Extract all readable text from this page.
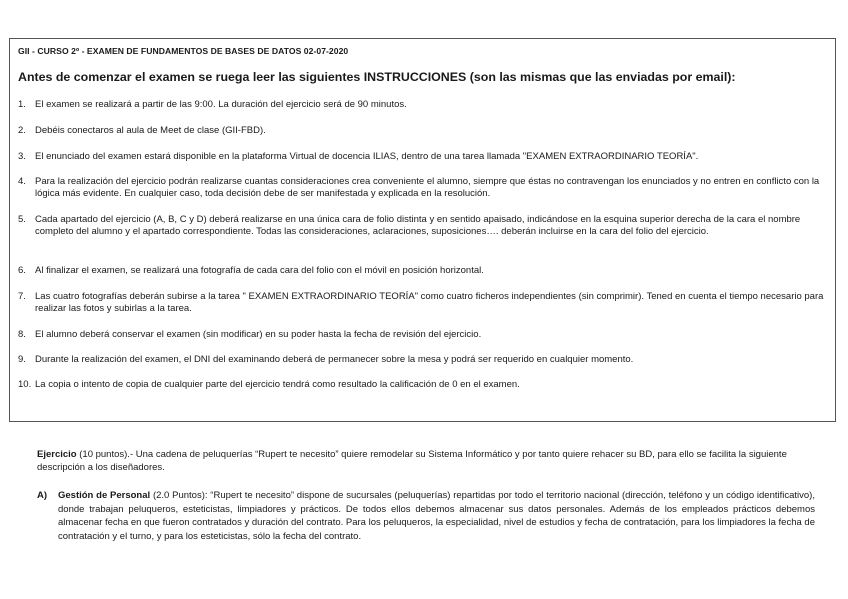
GII - CURSO 2º - EXAMEN DE FUNDAMENTOS DE BASES DE DATOS 02-07-2020
Antes de comenzar el examen se ruega leer las siguientes INSTRUCCIONES (son las mismas que las enviadas por email):
1. El examen se realizará a partir de las 9:00. La duración del ejercicio será de 90 minutos.
2. Debéis conectaros al aula de Meet de clase (GII-FBD).
3. El enunciado del examen estará disponible en la plataforma Virtual de docencia ILIAS, dentro de una tarea llamada "EXAMEN EXTRAORDINARIO TEORÍA".
4. Para la realización del ejercicio podrán realizarse cuantas consideraciones crea conveniente el alumno, siempre que éstas no contravengan los enunciados y no entren en conflicto con la lógica más evidente. En cualquier caso, toda decisión debe de ser manifestada y explicada en la resolución.
5. Cada apartado del ejercicio (A, B, C y D) deberá realizarse en una única cara de folio distinta y en sentido apaisado, indicándose en la esquina superior derecha de la cara el nombre completo del alumno y el apartado correspondiente. Todas las consideraciones, aclaraciones, suposiciones…. deberán incluirse en la cara del folio del ejercicio.
6. Al finalizar el examen, se realizará una fotografía de cada cara del folio con el móvil en posición horizontal.
7. Las cuatro fotografías deberán subirse a la tarea " EXAMEN EXTRAORDINARIO TEORÍA" como cuatro ficheros independientes (sin comprimir). Tened en cuenta el tiempo necesario para realizar las fotos y subirlas a la tarea.
8. El alumno deberá conservar el examen (sin modificar) en su poder hasta la fecha de revisión del ejercicio.
9. Durante la realización del examen, el DNI del examinando deberá de permanecer sobre la mesa y podrá ser requerido en cualquier momento.
10. La copia o intento de copia de cualquier parte del ejercicio tendrá como resultado la calificación de 0 en el examen.
Ejercicio (10 puntos).- Una cadena de peluquerías “Rupert te necesito” quiere remodelar su Sistema Informático y por tanto quiere rehacer su BD, para ello se facilita la siguiente descripción a los diseñadores.
A) Gestión de Personal (2.0 Puntos): “Rupert te necesito” dispone de sucursales (peluquerías) repartidas por todo el territorio nacional (dirección, teléfono y un código identificativo), donde trabajan peluqueros, esteticistas, limpiadores y prácticos. De todos ellos debemos almacenar sus datos personales. Además de los empleados prácticos debemos almacenar fecha en que fueron contratados y duración del contrato. Para los peluqueros, la especialidad, nivel de estudios y fecha de contratación, para los limpiadores la fecha de contratación y el turno, y para los esteticistas, sólo la fecha del contrato.
